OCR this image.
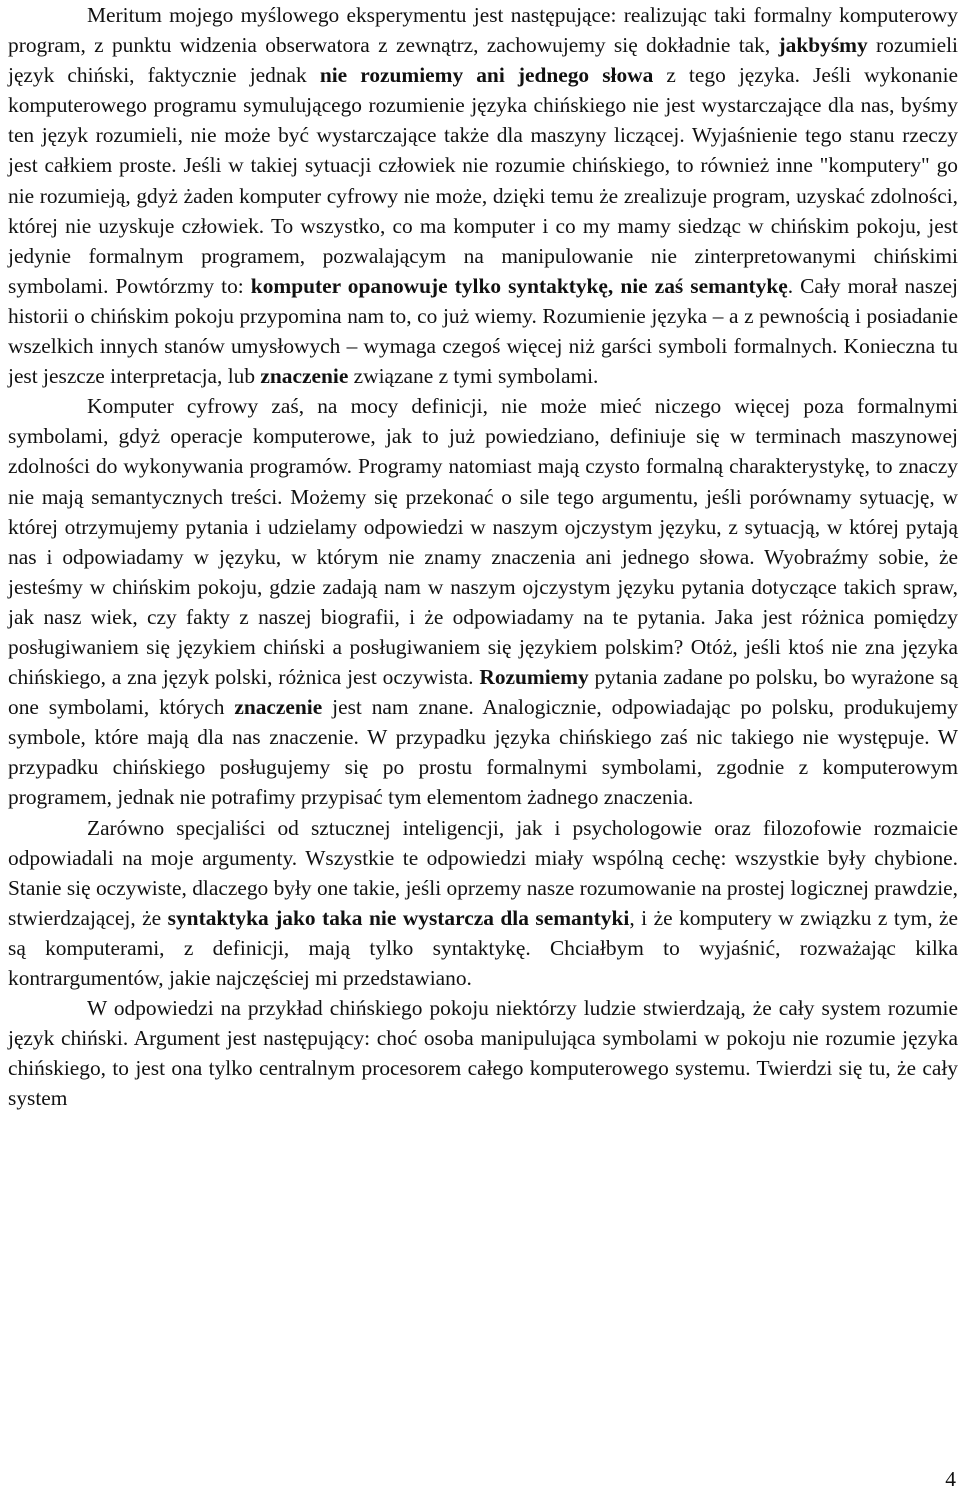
Meritum mojego myślowego eksperymentu jest następujące: realizując taki formalny komputerowy program, z punktu widzenia obserwatora z zewnątrz, zachowujemy się dokładnie tak, jakbyśmy rozumieli język chiński, faktycznie jednak nie rozumiemy ani jednego słowa z tego języka. Jeśli wykonanie komputerowego programu symulującego rozumienie języka chińskiego nie jest wystarczające dla nas, byśmy ten język rozumieli, nie może być wystarczające także dla maszyny liczącej. Wyjaśnienie tego stanu rzeczy jest całkiem proste. Jeśli w takiej sytuacji człowiek nie rozumie chińskiego, to również inne "komputery" go nie rozumieją, gdyż żaden komputer cyfrowy nie może, dzięki temu że zrealizuje program, uzyskać zdolności, której nie uzyskuje człowiek. To wszystko, co ma komputer i co my mamy siedząc w chińskim pokoju, jest jedynie formalnym programem, pozwalającym na manipulowanie nie zinterpretowanymi chińskimi symbolami. Powtórzmy to: komputer opanowuje tylko syntaktykę, nie zaś semantykę. Cały morał naszej historii o chińskim pokoju przypomina nam to, co już wiemy. Rozumienie języka – a z pewnością i posiadanie wszelkich innych stanów umysłowych – wymaga czegoś więcej niż garści symboli formalnych. Konieczna tu jest jeszcze interpretacja, lub znaczenie związane z tymi symbolami.

Komputer cyfrowy zaś, na mocy definicji, nie może mieć niczego więcej poza formalnymi symbolami, gdyż operacje komputerowe, jak to już powiedziano, definiuje się w terminach maszynowej zdolności do wykonywania programów. Programy natomiast mają czysto formalną charakterystykę, to znaczy nie mają semantycznych treści. Możemy się przekonać o sile tego argumentu, jeśli porównamy sytuację, w której otrzymujemy pytania i udzielamy odpowiedzi w naszym ojczystym języku, z sytuacją, w której pytają nas i odpowiadamy w języku, w którym nie znamy znaczenia ani jednego słowa. Wyobraźmy sobie, że jesteśmy w chińskim pokoju, gdzie zadają nam w naszym ojczystym języku pytania dotyczące takich spraw, jak nasz wiek, czy fakty z naszej biografii, i że odpowiadamy na te pytania. Jaka jest różnica pomiędzy posługiwaniem się językiem chiński a posługiwaniem się językiem polskim? Otóż, jeśli ktoś nie zna języka chińskiego, a zna język polski, różnica jest oczywista. Rozumiemy pytania zadane po polsku, bo wyrażone są one symbolami, których znaczenie jest nam znane. Analogicznie, odpowiadając po polsku, produkujemy symbole, które mają dla nas znaczenie. W przypadku języka chińskiego zaś nic takiego nie występuje. W przypadku chińskiego posługujemy się po prostu formalnymi symbolami, zgodnie z komputerowym programem, jednak nie potrafimy przypisać tym elementom żadnego znaczenia.

Zarówno specjaliści od sztucznej inteligencji, jak i psychologowie oraz filozofowie rozmaicie odpowiadali na moje argumenty. Wszystkie te odpowiedzi miały wspólną cechę: wszystkie były chybione. Stanie się oczywiste, dlaczego były one takie, jeśli oprzemy nasze rozumowanie na prostej logicznej prawdzie, stwierdzającej, że syntaktyka jako taka nie wystarcza dla semantyki, i że komputery w związku z tym, że są komputerami, z definicji, mają tylko syntaktykę. Chciałbym to wyjaśnić, rozważając kilka kontrargumentów, jakie najczęściej mi przedstawiano.

W odpowiedzi na przykład chińskiego pokoju niektórzy ludzie stwierdzają, że cały system rozumie język chiński. Argument jest następujący: choć osoba manipulująca symbolami w pokoju nie rozumie języka chińskiego, to jest ona tylko centralnym procesorem całego komputerowego systemu. Twierdzi się tu, że cały system

4
